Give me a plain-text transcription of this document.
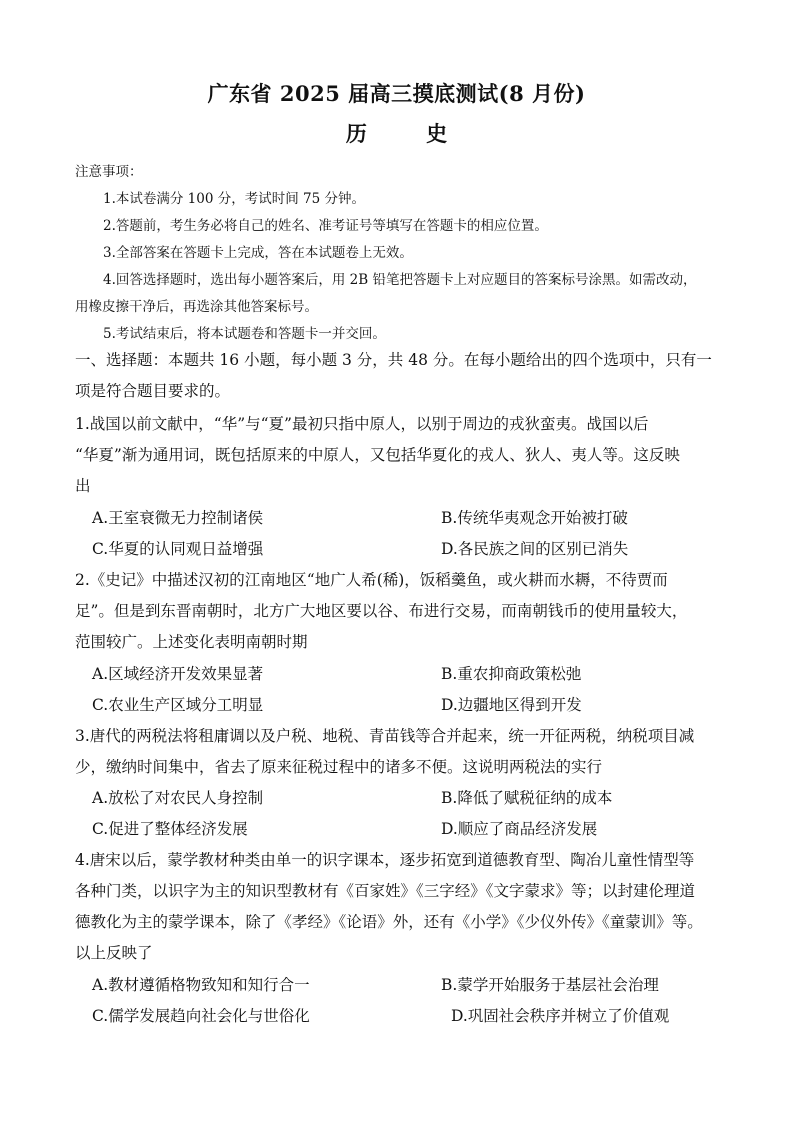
广东省 2025 届高三摸底测试(8 月份)
历 史
注意事项：
1.本试卷满分 100 分，考试时间 75 分钟。
2.答题前，考生务必将自己的姓名、准考证号等填写在答题卡的相应位置。
3.全部答案在答题卡上完成，答在本试题卷上无效。
4.回答选择题时，选出每小题答案后，用 2B 铅笔把答题卡上对应题目的答案标号涂黑。如需改动，
用橡皮擦干净后，再选涂其他答案标号。
5.考试结束后，将本试题卷和答题卡一并交回。
一、选择题：本题共 16 小题，每小题 3 分，共 48 分。在每小题给出的四个选项中，只有一
项是符合题目要求的。
1.战国以前文献中，“华”与“夏”最初只指中原人，以别于周边的戎狄蛮夷。战国以后
“华夏”渐为通用词，既包括原来的中原人，又包括华夏化的戎人、狄人、夷人等。这反映
出
A.王室衰微无力控制诸侯	B.传统华夷观念开始被打破
C.华夏的认同观日益增强	D.各民族之间的区别已消失
2.《史记》中描述汉初的江南地区“地广人希(稀)，饭稻羹鱼，或火耕而水耨，不待贾而
足”。但是到东晋南朝时，北方广大地区要以谷、布进行交易，而南朝钱币的使用量较大，
范围较广。上述变化表明南朝时期
A.区域经济开发效果显著	B.重农抑商政策松弛
C.农业生产区域分工明显	D.边疆地区得到开发
3.唐代的两税法将租庸调以及户税、地税、青苗钱等合并起来，统一开征两税，纳税项目减
少，缴纳时间集中，省去了原来征税过程中的诸多不便。这说明两税法的实行
A.放松了对农民人身控制	B.降低了赋税征纳的成本
C.促进了整体经济发展	D.顺应了商品经济发展
4.唐宋以后，蒙学教材种类由单一的识字课本，逐步拓宽到道德教育型、陶冶儿童性情型等
各种门类，以识字为主的知识型教材有《百家姓》《三字经》《文字蒙求》等；以封建伦理道
德教化为主的蒙学课本，除了《孝经》《论语》外，还有《小学》《少仪外传》《童蒙训》等。
以上反映了
A.教材遵循格物致知和知行合一	B.蒙学开始服务于基层社会治理
C.儒学发展趋向社会化与世俗化	D.巩固社会秩序并树立了价值观
